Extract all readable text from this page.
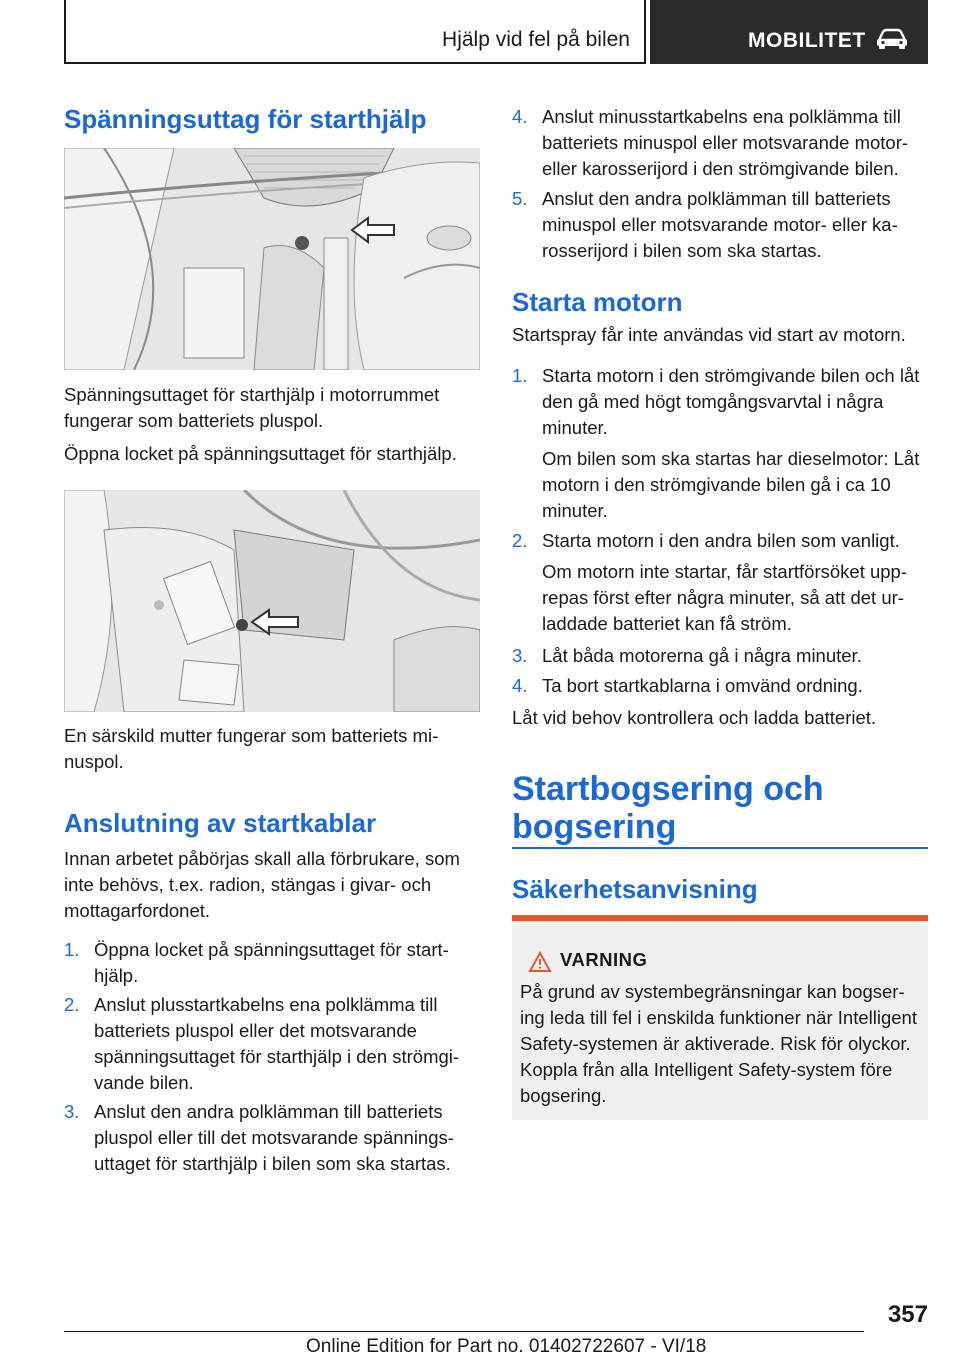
Hjälp vid fel på bilen	MOBILITET
Spänningsuttag för starthjälp

Spänningsuttaget för starthjälp i motorrummet fungerar som batteriets pluspol.

Öppna locket på spänningsuttaget för starthjälp.

En särskild mutter fungerar som batteriets minuspol.

Anslutning av startkablar

Innan arbetet påbörjas skall alla förbrukare, som inte behövs, t.ex. radion, stängas i givar- och mottagarfordonet.

1. Öppna locket på spänningsuttaget för starthjälp.
2. Anslut plusstartkabelns ena polklämma till batteriets pluspol eller det motsvarande spänningsuttaget för starthjälp i den strömgivande bilen.
3. Anslut den andra polklämman till batteriets pluspol eller till det motsvarande spänningsuttaget för starthjälp i bilen som ska startas.
4. Anslut minusstartkabelns ena polklämma till batteriets minuspol eller motsvarande motor- eller karosserijord i den strömgivande bilen.
5. Anslut den andra polklämman till batteriets minuspol eller motsvarande motor- eller karosserijord i bilen som ska startas.
Starta motorn

Startspray får inte användas vid start av motorn.

1. Starta motorn i den strömgivande bilen och låt den gå med högt tomgångsvarvtal i några minuter.

Om bilen som ska startas har dieselmotor: Låt motorn i den strömgivande bilen gå i ca 10 minuter.

2. Starta motorn i den andra bilen som vanligt.

Om motorn inte startar, får startförsöket upprepas först efter några minuter, så att det urladdade batteriet kan få ström.

3. Låt båda motorerna gå i några minuter.
4. Ta bort startkablarna i omvänd ordning.

Låt vid behov kontrollera och ladda batteriet.

Startbogsering och bogsering
Säkerhetsanvisning
VARNING
På grund av systembegränsningar kan bogsering leda till fel i enskilda funktioner när Intelligent Safety-systemen är aktiverade. Risk för olyckor. Koppla från alla Intelligent Safety-system före bogsering.
357
Online Edition for Part no. 01402722607 - VI/18
